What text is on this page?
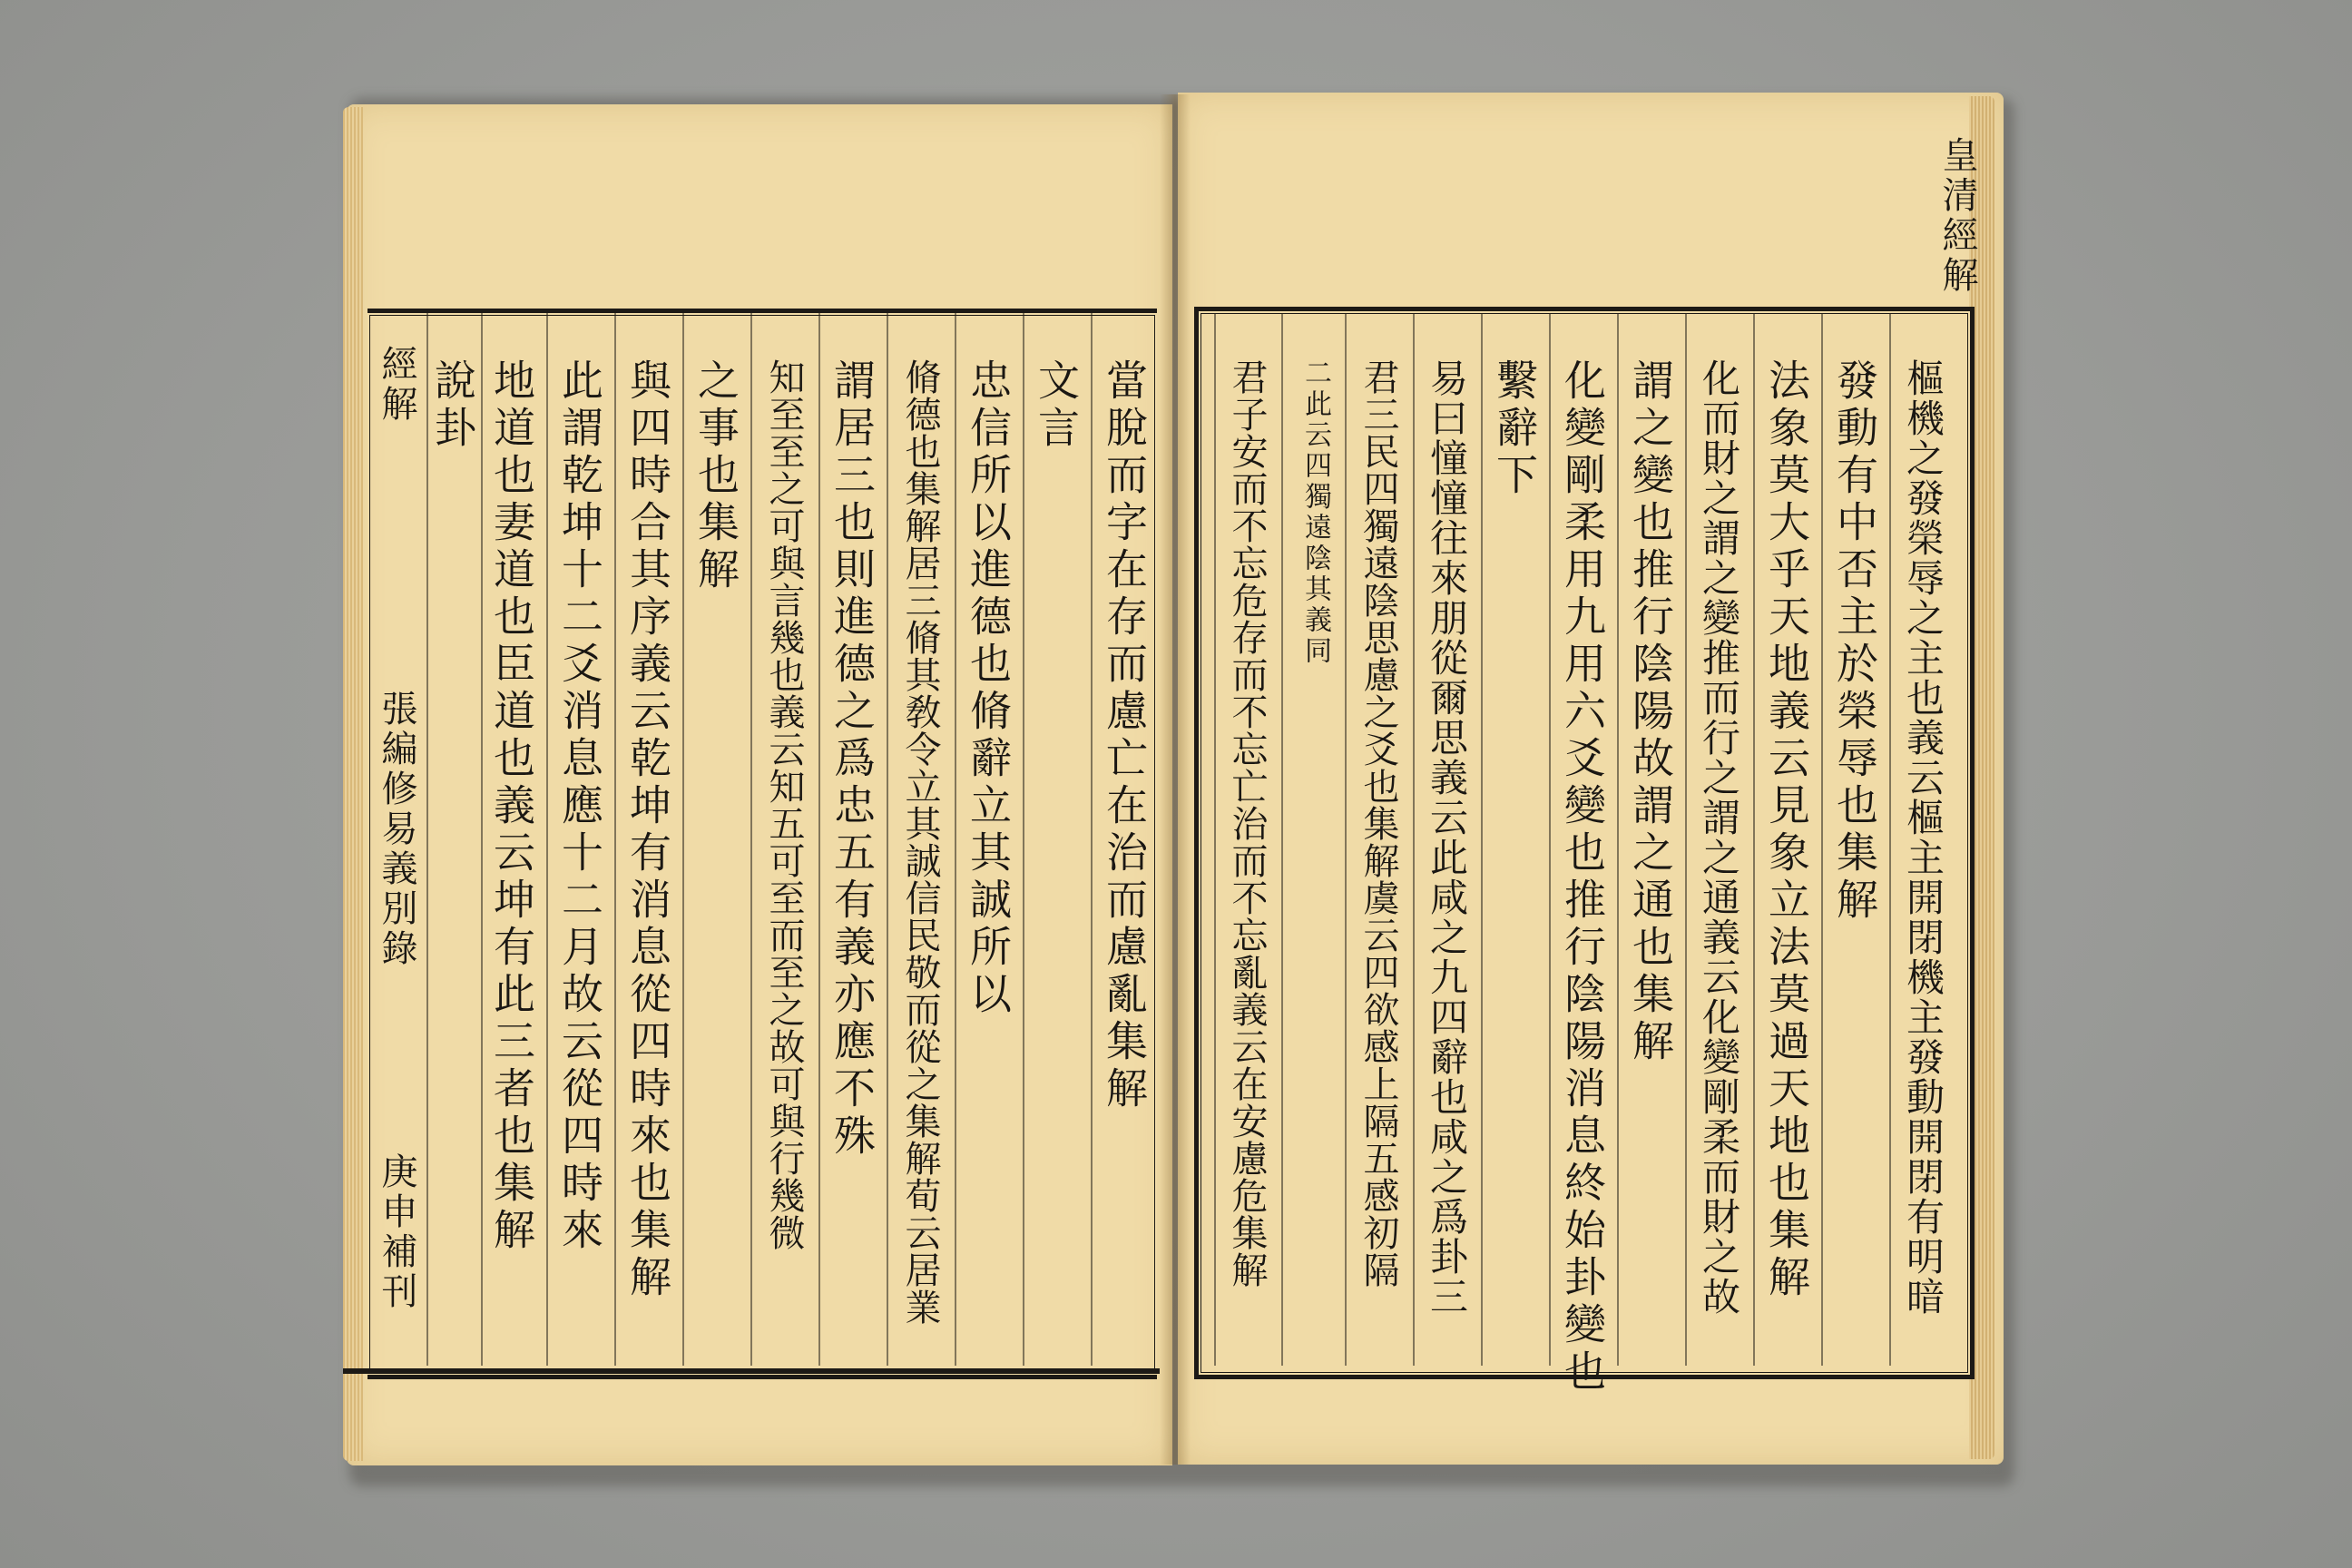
經解
張編修易義別錄
庚申補刊
當脫而字在存而慮亡在治而慮亂集解
文言
忠信所以進德也脩辭立其誠所以
脩德也集解居三脩其敎令立其誠信民敬而從之集解荀云居業
謂居三也則進德之爲忠五有義亦應不殊
知至至之可與言幾也義云知五可至而至之故可與行幾微
之事也集解
與四時合其序義云乾坤有消息從四時來也集解
此謂乾坤十二爻消息應十二月故云從四時來
地道也妻道也臣道也義云坤有此三者也集解
說卦
皇清經解
樞機之發榮辱之主也義云樞主開閉機主發動開閉有明暗
發動有中否主於榮辱也集解
法象莫大乎天地義云見象立法莫過天地也集解
化而財之謂之變推而行之謂之通義云化變剛柔而財之故
謂之變也推行陰陽故謂之通也集解
化變剛柔用九用六爻變也推行陰陽消息終始卦變也
繫辭下
易曰憧憧往來朋從爾思義云此咸之九四辭也咸之爲卦三
君三民四獨遠陰思慮之爻也集解虞云四欲感上隔五感初隔
二此云四獨遠陰其義同
君子安而不忘危存而不忘亡治而不忘亂義云在安慮危集解
